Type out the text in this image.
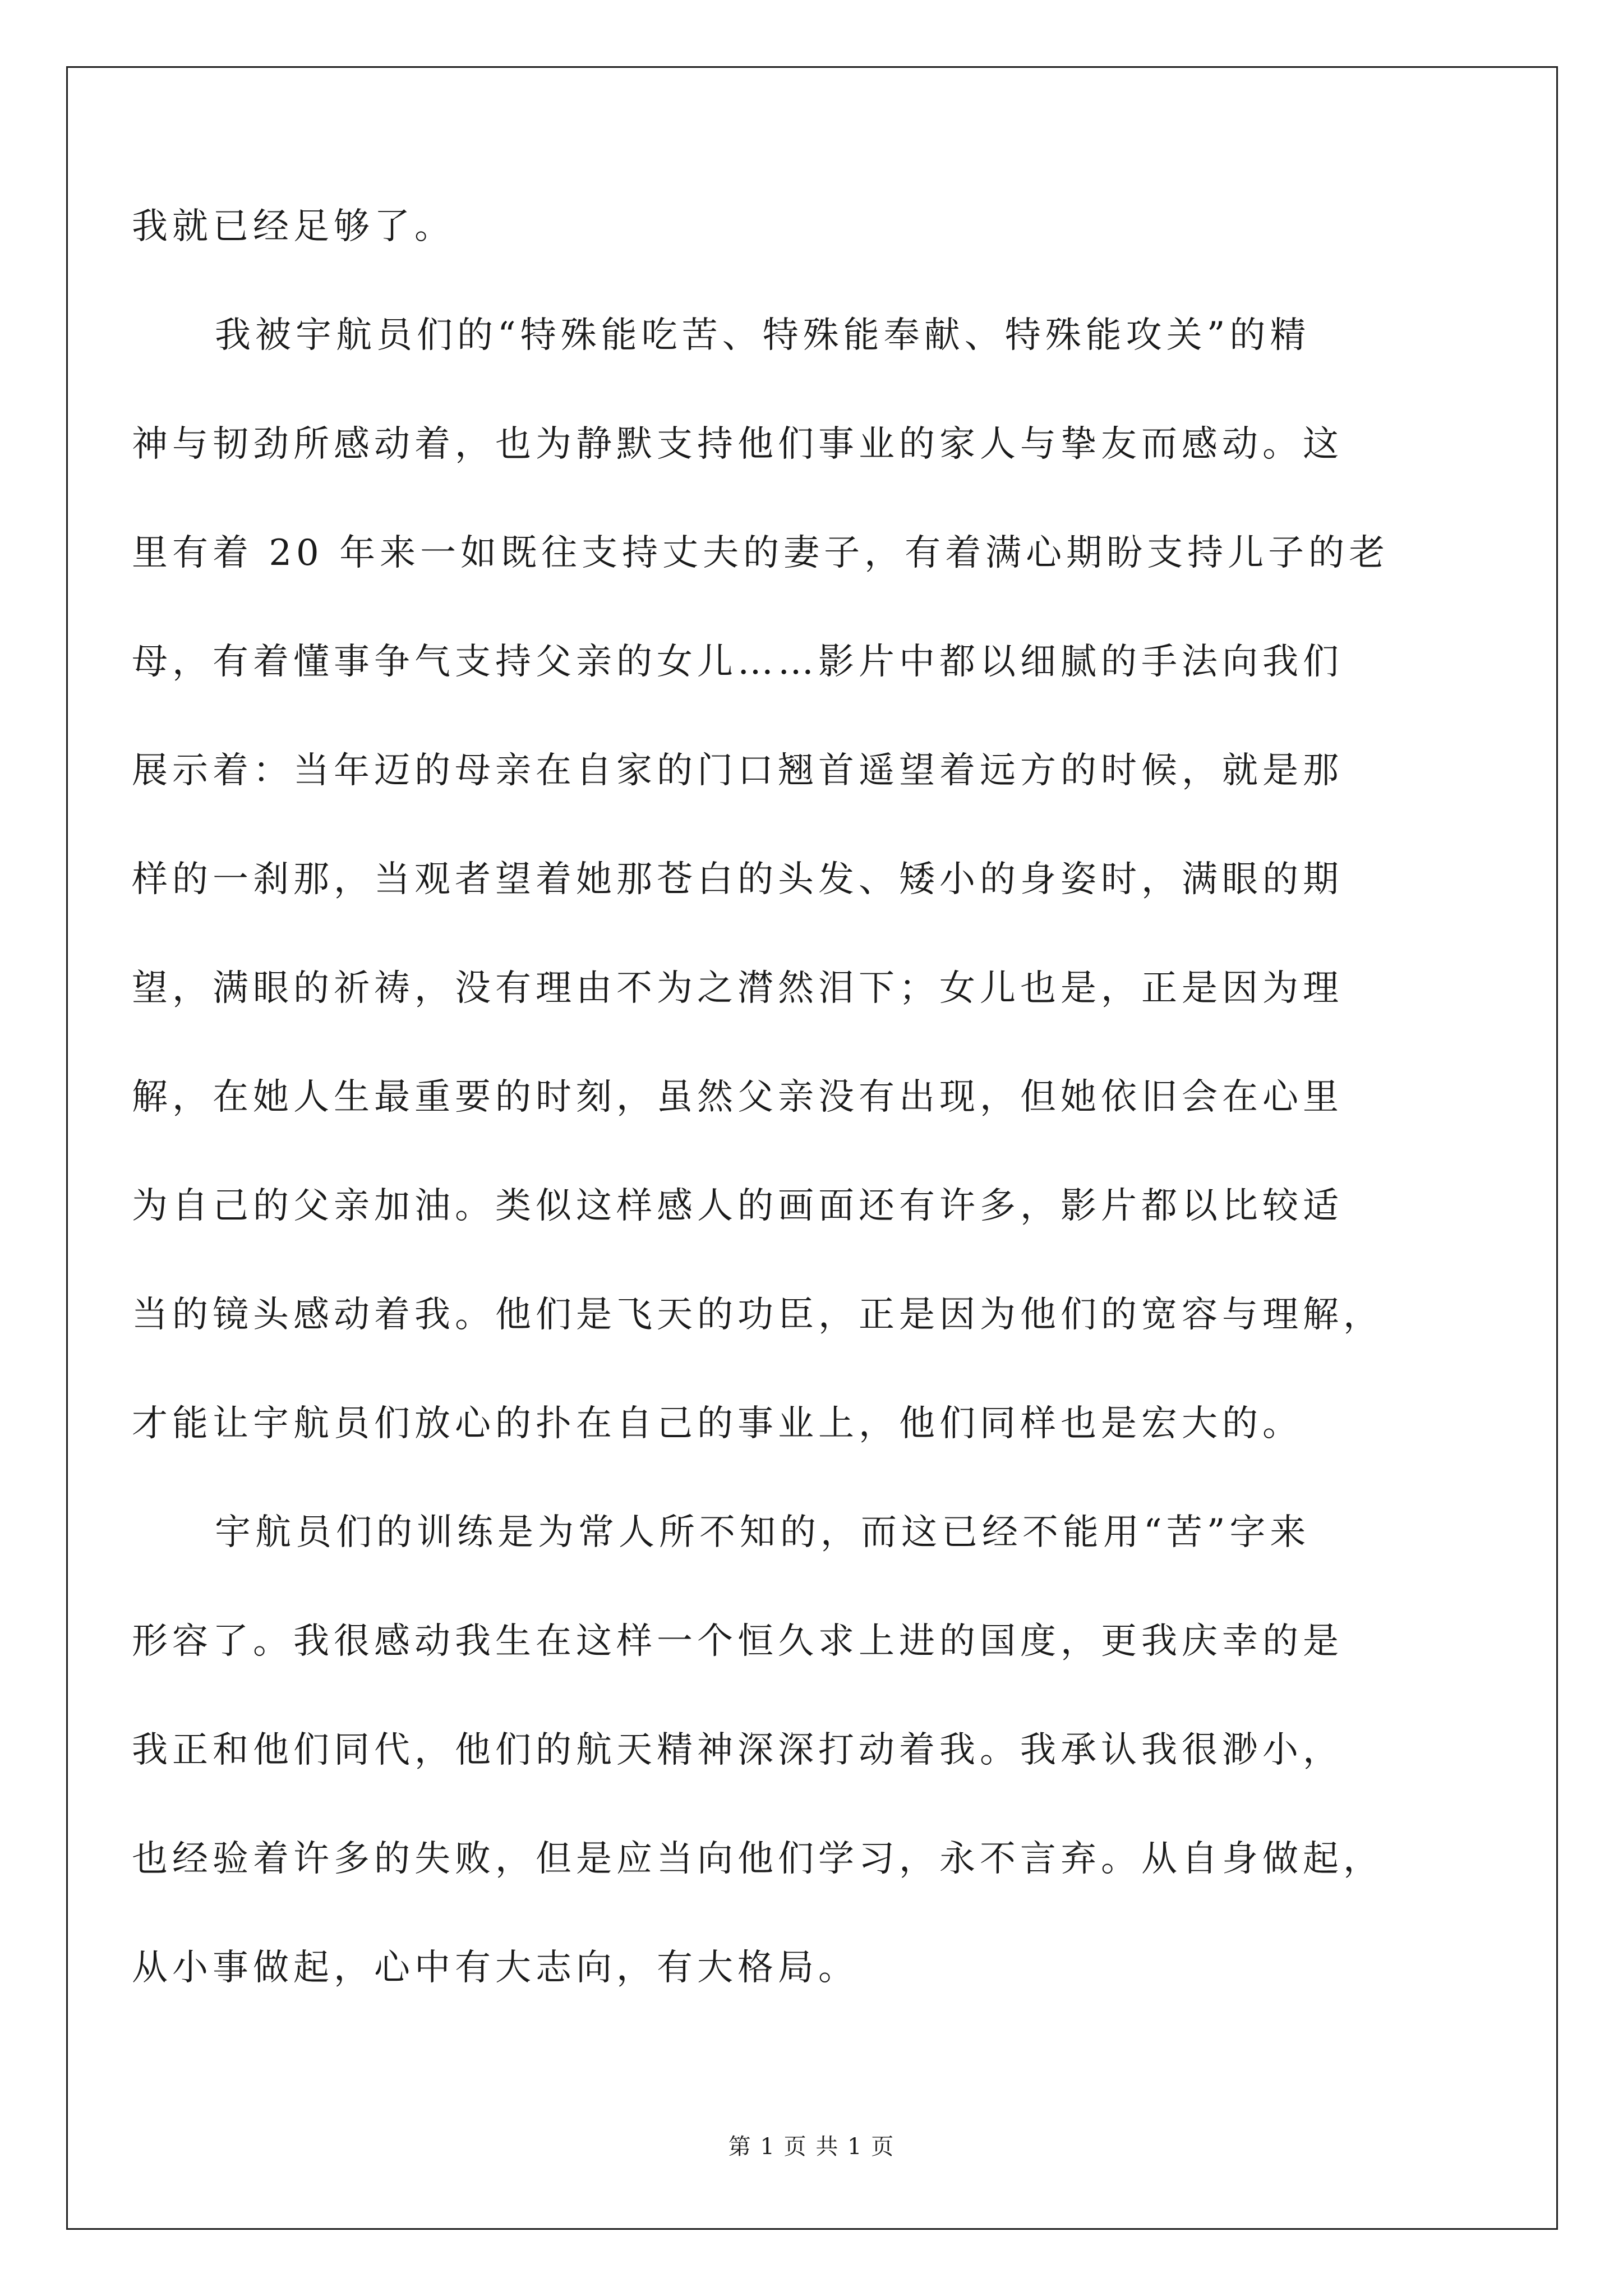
我就已经足够了。
我被宇航员们的“特殊能吃苦、特殊能奉献、特殊能攻关”的精
神与韧劲所感动着，也为静默支持他们事业的家人与挚友而感动。这
里有着 20 年来一如既往支持丈夫的妻子，有着满心期盼支持儿子的老
母，有着懂事争气支持父亲的女儿……影片中都以细腻的手法向我们
展示着：当年迈的母亲在自家的门口翘首遥望着远方的时候，就是那
样的一刹那，当观者望着她那苍白的头发、矮小的身姿时，满眼的期
望，满眼的祈祷，没有理由不为之潸然泪下；女儿也是，正是因为理
解，在她人生最重要的时刻，虽然父亲没有出现，但她依旧会在心里
为自己的父亲加油。类似这样感人的画面还有许多，影片都以比较适
当的镜头感动着我。他们是飞天的功臣，正是因为他们的宽容与理解，
才能让宇航员们放心的扑在自己的事业上，他们同样也是宏大的。
宇航员们的训练是为常人所不知的，而这已经不能用“苦”字来
形容了。我很感动我生在这样一个恒久求上进的国度，更我庆幸的是
我正和他们同代，他们的航天精神深深打动着我。我承认我很渺小，
也经验着许多的失败，但是应当向他们学习，永不言弃。从自身做起，
从小事做起，心中有大志向，有大格局。
第 1 页 共 1 页
